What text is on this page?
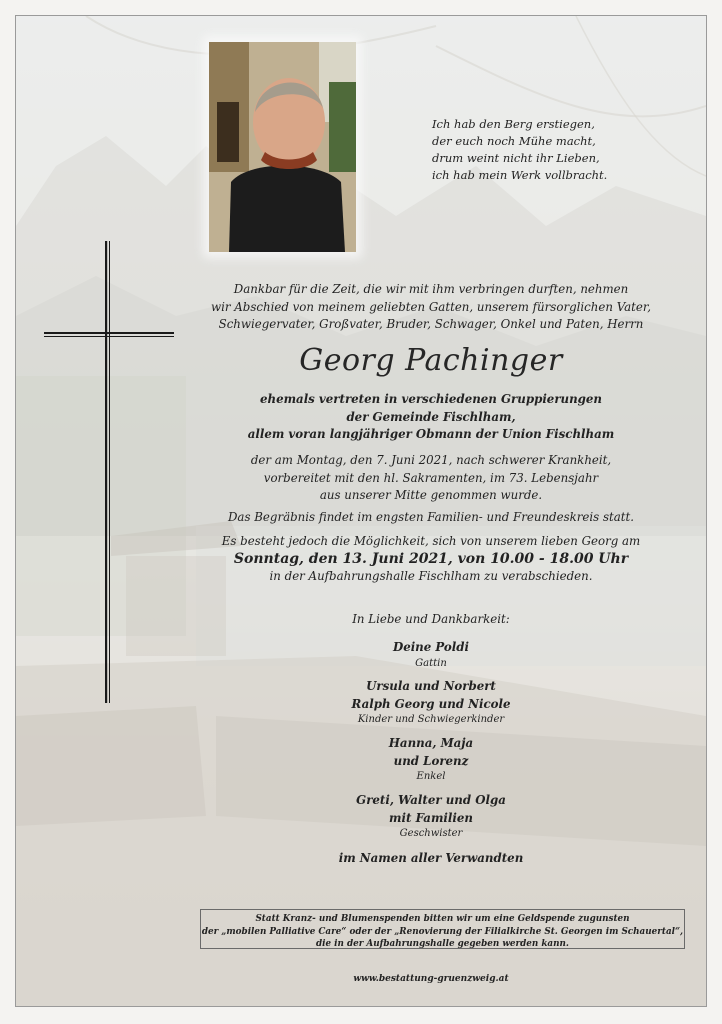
Ich hab den Berg erstiegen,
der euch noch Mühe macht,
drum weint nicht ihr Lieben,
ich hab mein Werk vollbracht.
Dankbar für die Zeit, die wir mit ihm verbringen durften, nehmen
wir Abschied von meinem geliebten Gatten, unserem fürsorglichen Vater,
Schwiegervater, Großvater, Bruder, Schwager, Onkel und Paten, Herrn
Georg Pachinger
ehemals vertreten in verschiedenen Gruppierungen
der Gemeinde Fischlham,
allem voran langjähriger Obmann der Union Fischlham
der am Montag, den 7. Juni 2021, nach schwerer Krankheit,
vorbereitet mit den hl. Sakramenten, im 73. Lebensjahr
aus unserer Mitte genommen wurde.
Das Begräbnis findet im engsten Familien- und Freundeskreis statt.
Es besteht jedoch die Möglichkeit, sich von unserem lieben Georg am
Sonntag, den 13. Juni 2021, von 10.00 - 18.00 Uhr
in der Aufbahrungshalle Fischlham zu verabschieden.
In Liebe und Dankbarkeit:
Deine Poldi
Gattin
Ursula und Norbert
Ralph Georg und Nicole
Kinder und Schwiegerkinder
Hanna, Maja
und Lorenz
Enkel
Greti, Walter und Olga
mit Familien
Geschwister
im Namen aller Verwandten
Statt Kranz- und Blumenspenden bitten wir um eine Geldspende zugunsten
der „mobilen Palliative Care“ oder der „Renovierung der Filialkirche St. Georgen im Schauertal“,
die in der Aufbahrungshalle gegeben werden kann.
www.bestattung-gruenzweig.at
